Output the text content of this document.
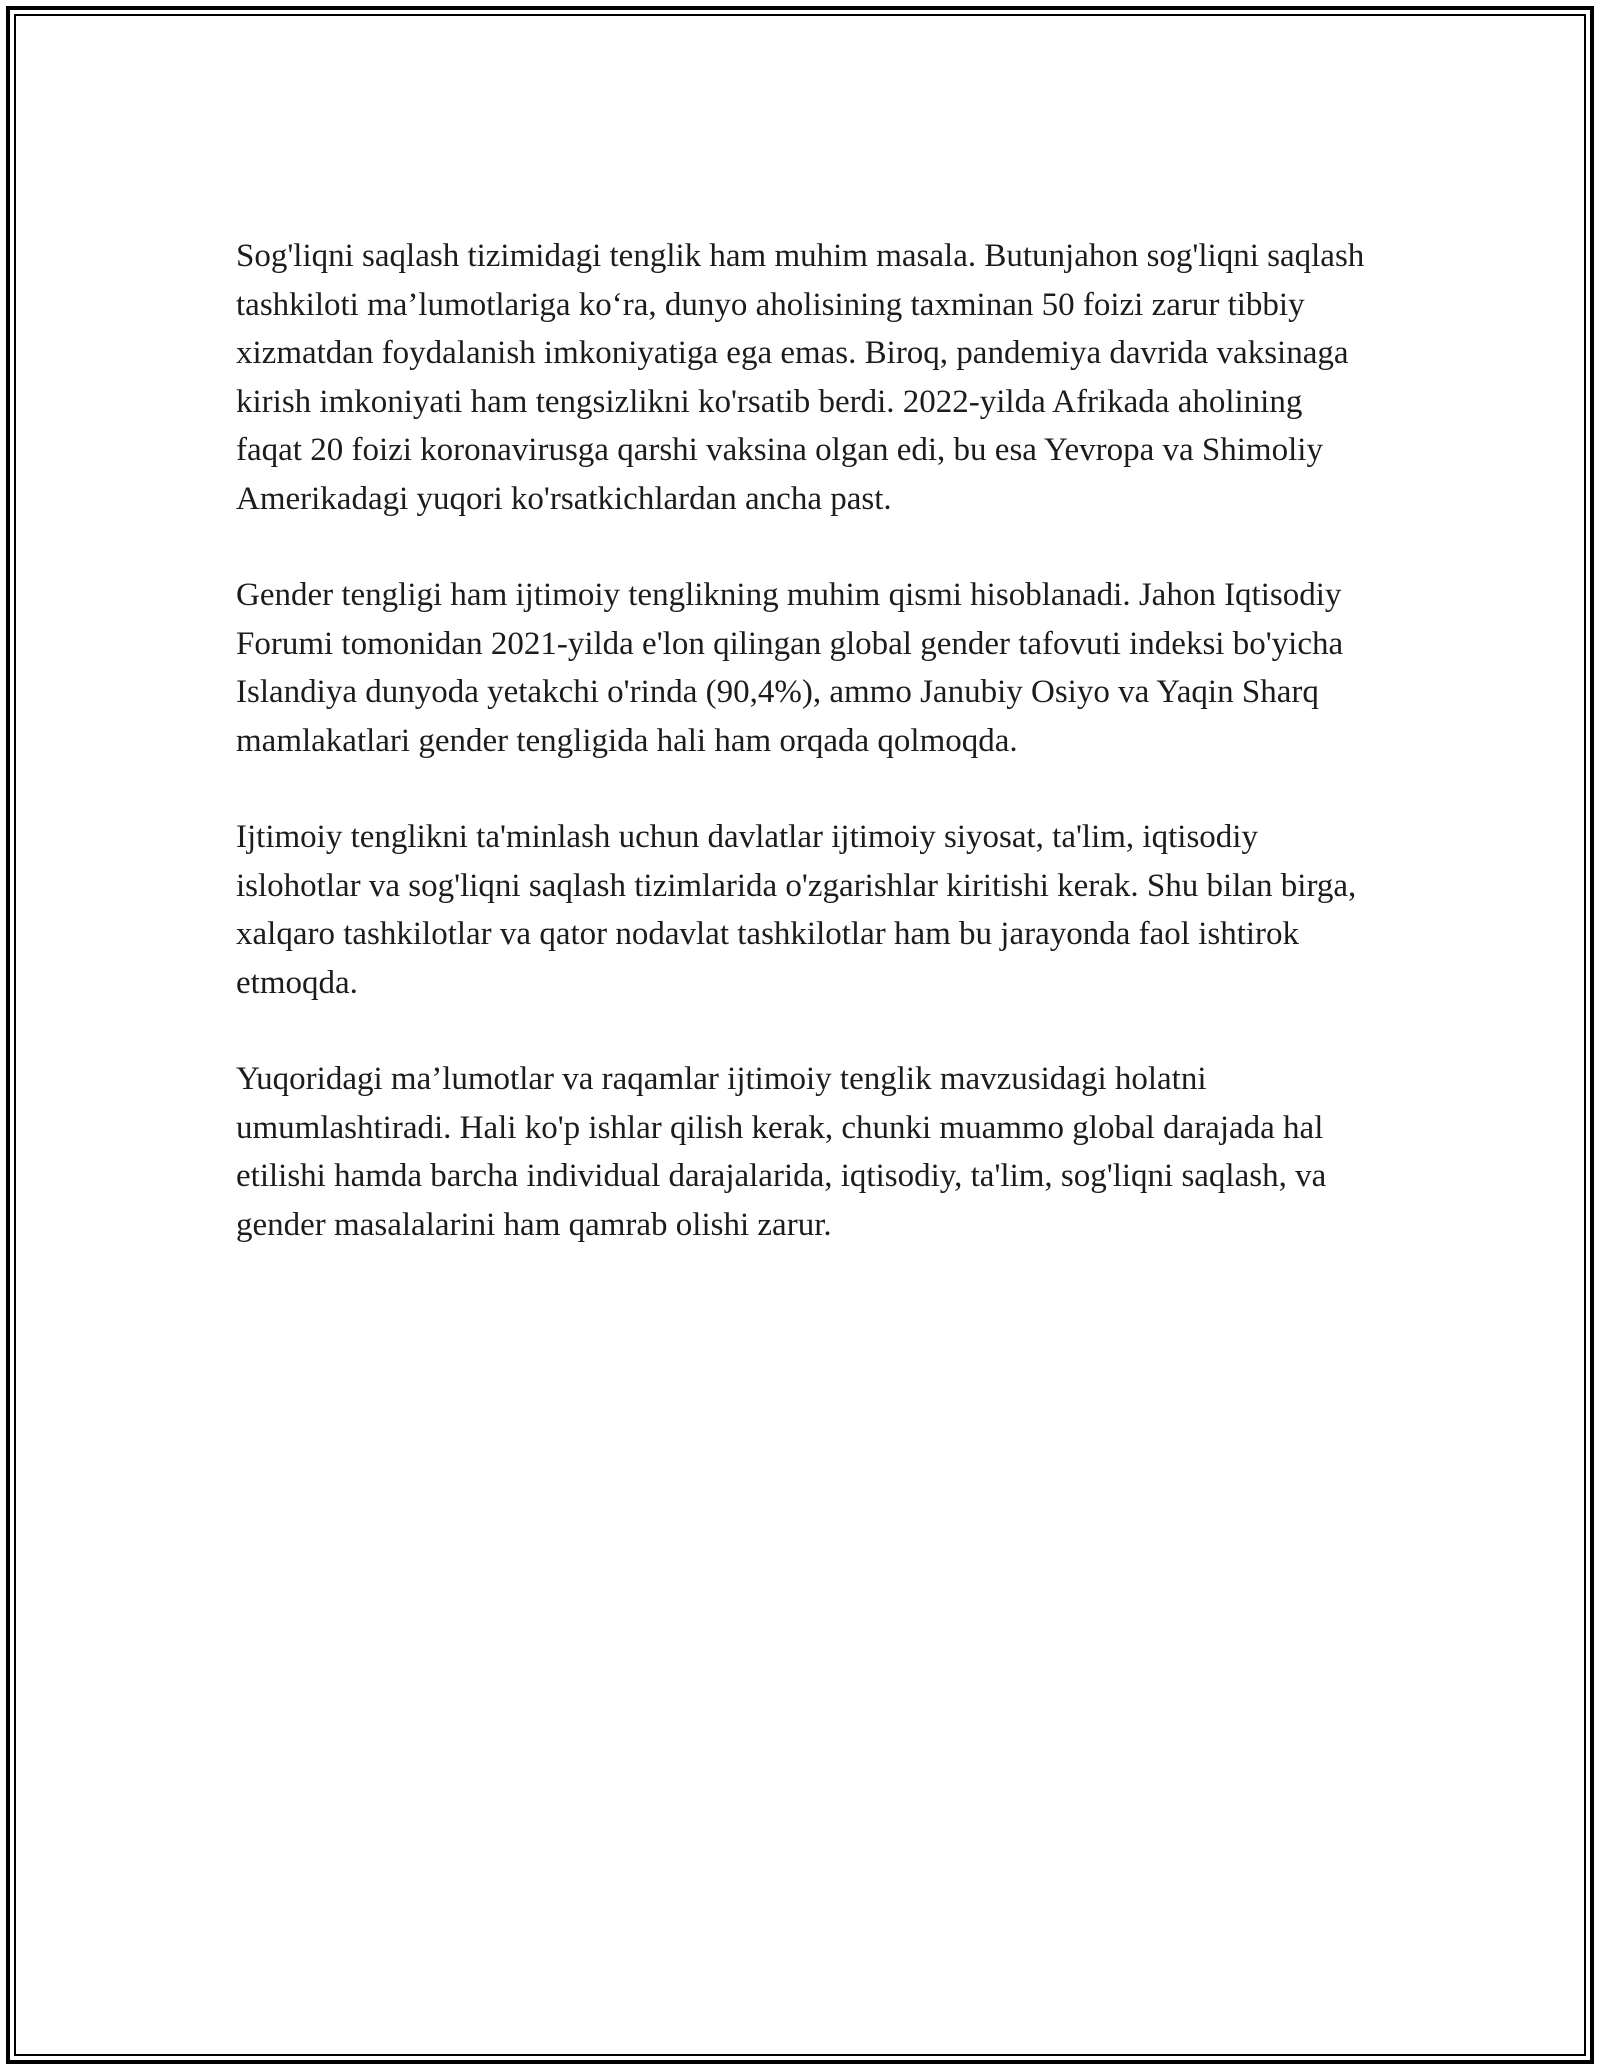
Sog'liqni saqlash tizimidagi tenglik ham muhim masala. Butunjahon sog'liqni saqlash tashkiloti ma’lumotlariga ko‘ra, dunyo aholisining taxminan 50 foizi zarur tibbiy xizmatdan foydalanish imkoniyatiga ega emas. Biroq, pandemiya davrida vaksinaga kirish imkoniyati ham tengsizlikni ko'rsatib berdi. 2022-yilda Afrikada aholining faqat 20 foizi koronavirusga qarshi vaksina olgan edi, bu esa Yevropa va Shimoliy Amerikadagi yuqori ko'rsatkichlardan ancha past.

Gender tengligi ham ijtimoiy tenglikning muhim qismi hisoblanadi. Jahon Iqtisodiy Forumi tomonidan 2021-yilda e'lon qilingan global gender tafovuti indeksi bo'yicha Islandiya dunyoda yetakchi o'rinda (90,4%), ammo Janubiy Osiyo va Yaqin Sharq mamlakatlari gender tengligida hali ham orqada qolmoqda.

Ijtimoiy tenglikni ta'minlash uchun davlatlar ijtimoiy siyosat, ta'lim, iqtisodiy islohotlar va sog'liqni saqlash tizimlarida o'zgarishlar kiritishi kerak. Shu bilan birga, xalqaro tashkilotlar va qator nodavlat tashkilotlar ham bu jarayonda faol ishtirok etmoqda.

Yuqoridagi ma’lumotlar va raqamlar ijtimoiy tenglik mavzusidagi holatni umumlashtiradi. Hali ko'p ishlar qilish kerak, chunki muammo global darajada hal etilishi hamda barcha individual darajalarida, iqtisodiy, ta'lim, sog'liqni saqlash, va gender masalalarini ham qamrab olishi zarur.
